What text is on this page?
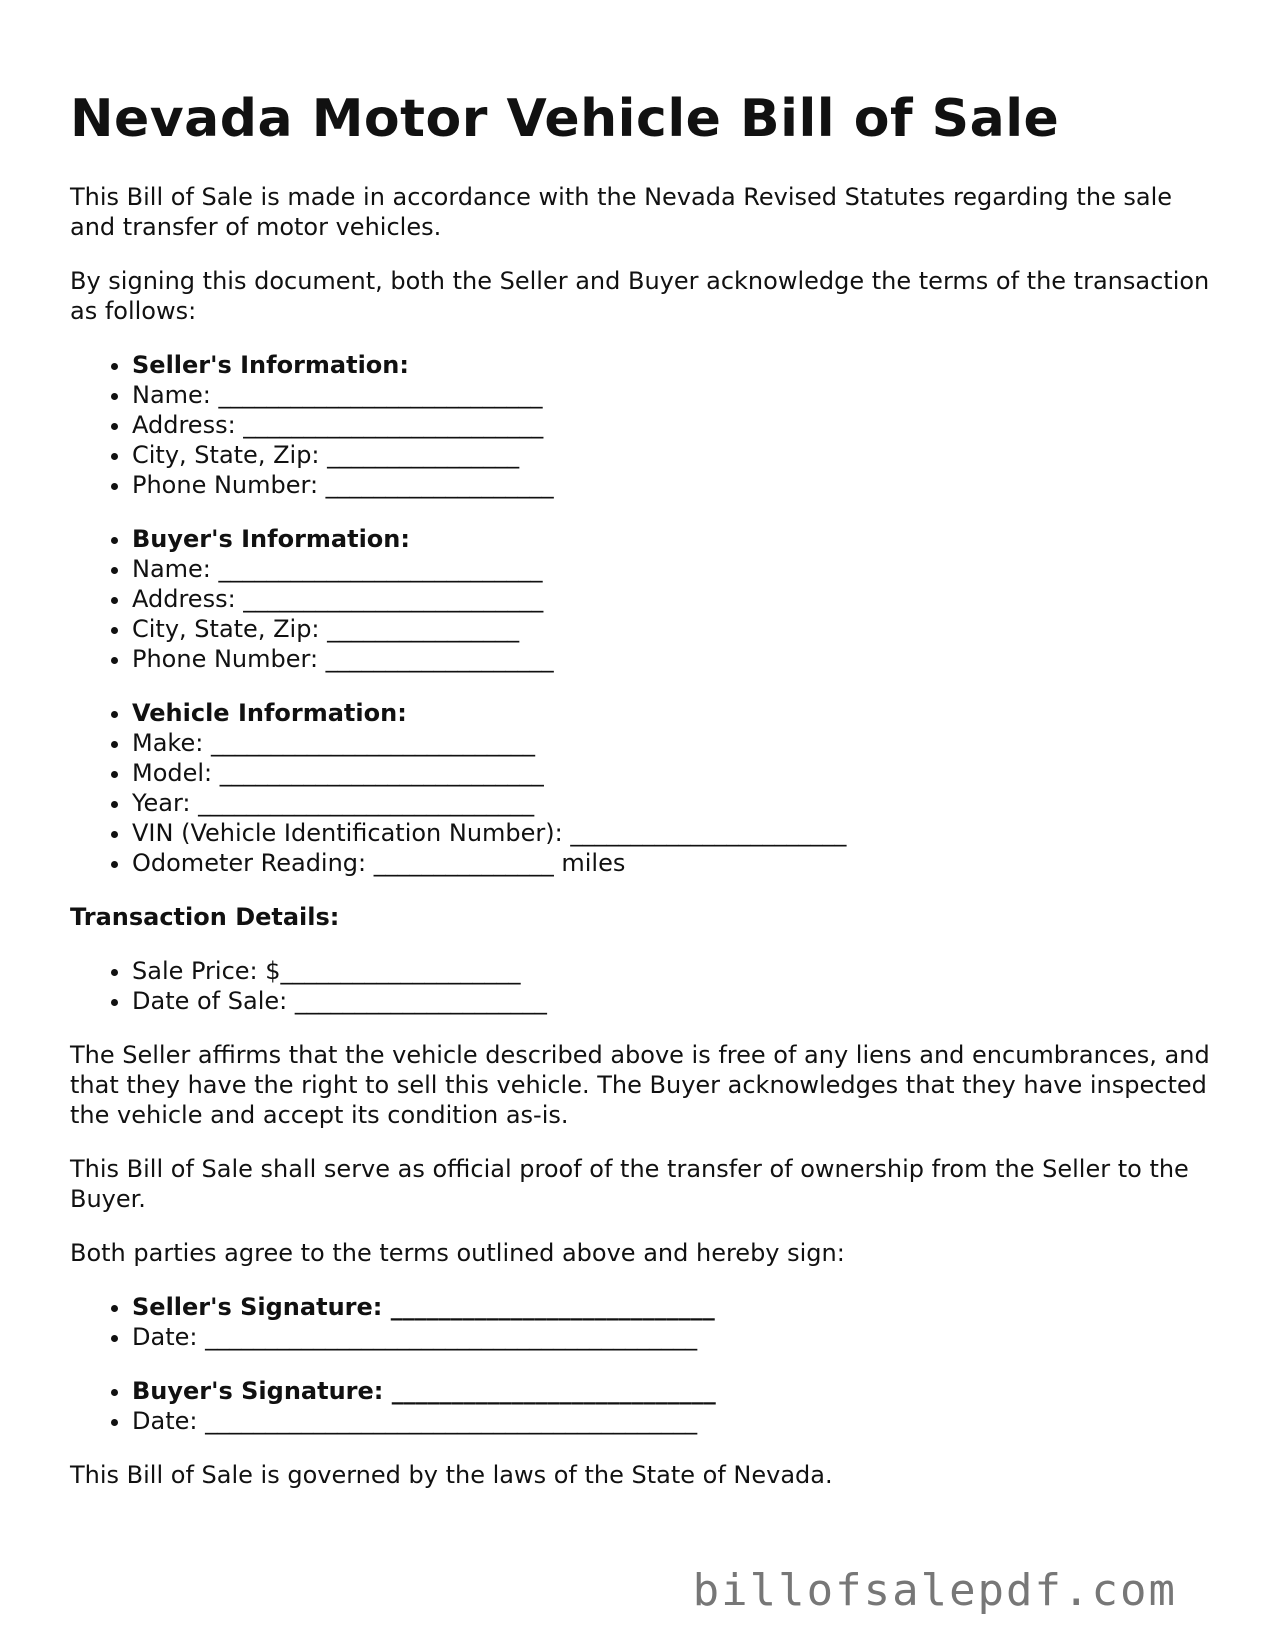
Nevada Motor Vehicle Bill of Sale

This Bill of Sale is made in accordance with the Nevada Revised Statutes regarding the sale and transfer of motor vehicles.

By signing this document, both the Seller and Buyer acknowledge the terms of the transaction as follows:

• Seller's Information:
• Name: ___________________________
• Address: _________________________
• City, State, Zip: ________________
• Phone Number: ___________________
• Buyer's Information:
• Name: ___________________________
• Address: _________________________
• City, State, Zip: ________________
• Phone Number: ___________________
• Vehicle Information:
• Make: ___________________________
• Model: ___________________________
• Year: ____________________________
• VIN (Vehicle Identification Number): _______________________
• Odometer Reading: _______________ miles

Transaction Details:

• Sale Price: $____________________
• Date of Sale: _____________________

The Seller affirms that the vehicle described above is free of any liens and encumbrances, and that they have the right to sell this vehicle. The Buyer acknowledges that they have inspected the vehicle and accept its condition as-is.

This Bill of Sale shall serve as official proof of the transfer of ownership from the Seller to the Buyer.

Both parties agree to the terms outlined above and hereby sign:

• Seller's Signature: ___________________________
• Date: _________________________________________
• Buyer's Signature: ___________________________
• Date: _________________________________________

This Bill of Sale is governed by the laws of the State of Nevada.

billofsalepdf.com
